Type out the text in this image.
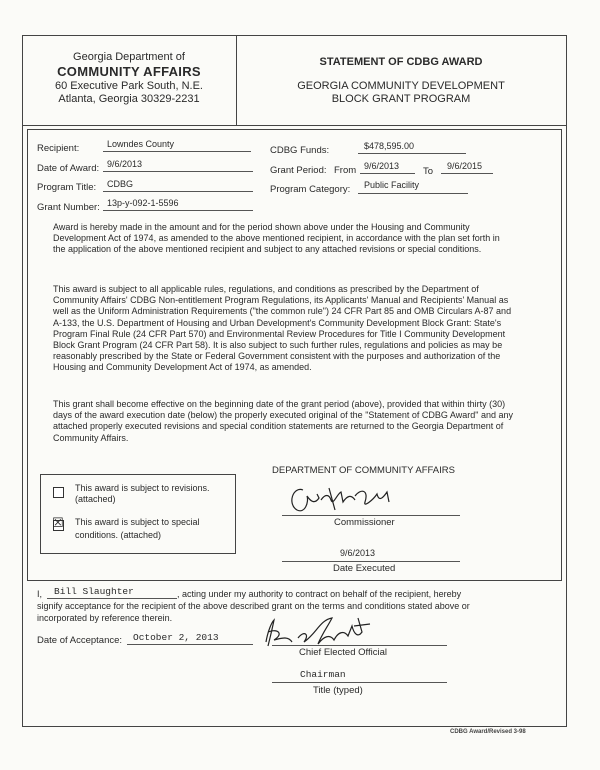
Georgia Department of
COMMUNITY AFFAIRS
60 Executive Park South, N.E.
Atlanta, Georgia 30329-2231
STATEMENT OF CDBG AWARD
GEORGIA COMMUNITY DEVELOPMENT
BLOCK GRANT PROGRAM
Recipient:	Lowndes County
CDBG Funds:	$478,595.00
Date of Award: 9/6/2013
Grant Period: From 9/6/2013	To 9/6/2015
Program Title: CDBG	Program Category: Public Facility
Grant Number: 13p-y-092-1-5596
Award is hereby made in the amount and for the period shown above under the Housing and Community Development Act of 1974, as amended to the above mentioned recipient, in accordance with the plan set forth in the application of the above mentioned recipient and subject to any attached revisions or special conditions.
This award is subject to all applicable rules, regulations, and conditions as prescribed by the Department of Community Affairs' CDBG Non-entitlement Program Regulations, its Applicants' Manual and Recipients' Manual as well as the Uniform Administration Requirements ("the common rule") 24 CFR Part 85 and OMB Circulars A-87 and A-133, the U.S. Department of Housing and Urban Development's Community Development Block Grant: State's Program Final Rule (24 CFR Part 570) and Environmental Review Procedures for Title I Community Development Block Grant Program (24 CFR Part 58). It is also subject to such further rules, regulations and policies as may be reasonably prescribed by the State or Federal Government consistent with the purposes and authorization of the Housing and Community Development Act of 1974, as amended.
This grant shall become effective on the beginning date of the grant period (above), provided that within thirty (30) days of the award execution date (below) the properly executed original of the "Statement of CDBG Award" and any attached properly executed revisions and special condition statements are returned to the Georgia Department of Community Affairs.
This award is subject to revisions.
(attached)
☒ This award is subject to special
conditions. (attached)
DEPARTMENT OF COMMUNITY AFFAIRS
Commissioner
9/6/2013
Date Executed
I, Bill Slaughter	, acting under my authority to contract on behalf of the recipient, hereby
signify acceptance for the recipient of the above described grant on the terms and conditions stated above or
incorporated by reference therein.
Date of Acceptance: October 2, 2013
Chief Elected Official
Chairman
Title (typed)
CDBG Award/Revised 3-98
